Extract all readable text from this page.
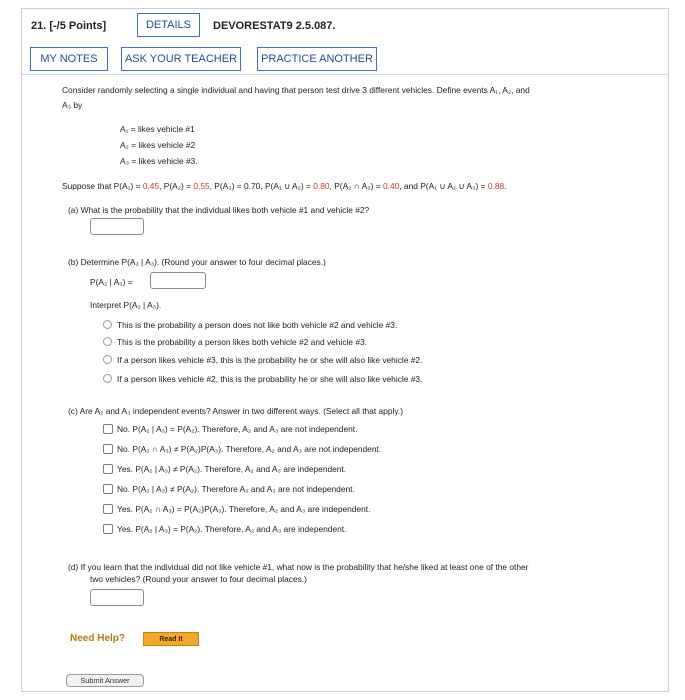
21. [-/5 Points]	DETAILS	DEVORESTAT9 2.5.087.
MY NOTES	ASK YOUR TEACHER	PRACTICE ANOTHER
Consider randomly selecting a single individual and having that person test drive 3 different vehicles. Define events A₁, A₂, and
A₃ by
A₁ = likes vehicle #1
A₂ = likes vehicle #2
A₃ = likes vehicle #3.
Suppose that P(A₁) = 0.45, P(A₂) = 0.55, P(A₃) = 0.70, P(A₁ ∪ A₂) = 0.80, P(A₂ ∩ A₃) = 0.40, and P(A₁ ∪ A₂ ∪ A₃) = 0.88.
(a) What is the probability that the individual likes both vehicle #1 and vehicle #2?
(b) Determine P(A₂ | A₃). (Round your answer to four decimal places.)
P(A₂ | A₃) =
Interpret P(A₂ | A₃).
This is the probability a person does not like both vehicle #2 and vehicle #3.
This is the probability a person likes both vehicle #2 and vehicle #3.
If a person likes vehicle #3, this is the probability he or she will also like vehicle #2.
If a person likes vehicle #2, this is the probability he or she will also like vehicle #3.
(c) Are A₂ and A₃ independent events? Answer in two different ways. (Select all that apply.)
No. P(A₂ | A₃) = P(A₂). Therefore, A₂ and A₃ are not independent.
No. P(A₂ ∩ A₃) ≠ P(A₂)P(A₃). Therefore, A₂ and A₃ are not independent.
Yes. P(A₂ | A₃) ≠ P(A₂). Therefore, A₂ and A₃ are independent.
No. P(A₂ | A₃) ≠ P(A₂). Therefore A₂ and A₃ are not independent.
Yes. P(A₂ ∩ A₃) = P(A₂)P(A₃). Therefore, A₂ and A₃ are independent.
Yes. P(A₂ | A₃) = P(A₂). Therefore, A₂ and A₃ are independent.
(d) If you learn that the individual did not like vehicle #1, what now is the probability that he/she liked at least one of the other
two vehicles? (Round your answer to four decimal places.)
Need Help?	Read It
Submit Answer
